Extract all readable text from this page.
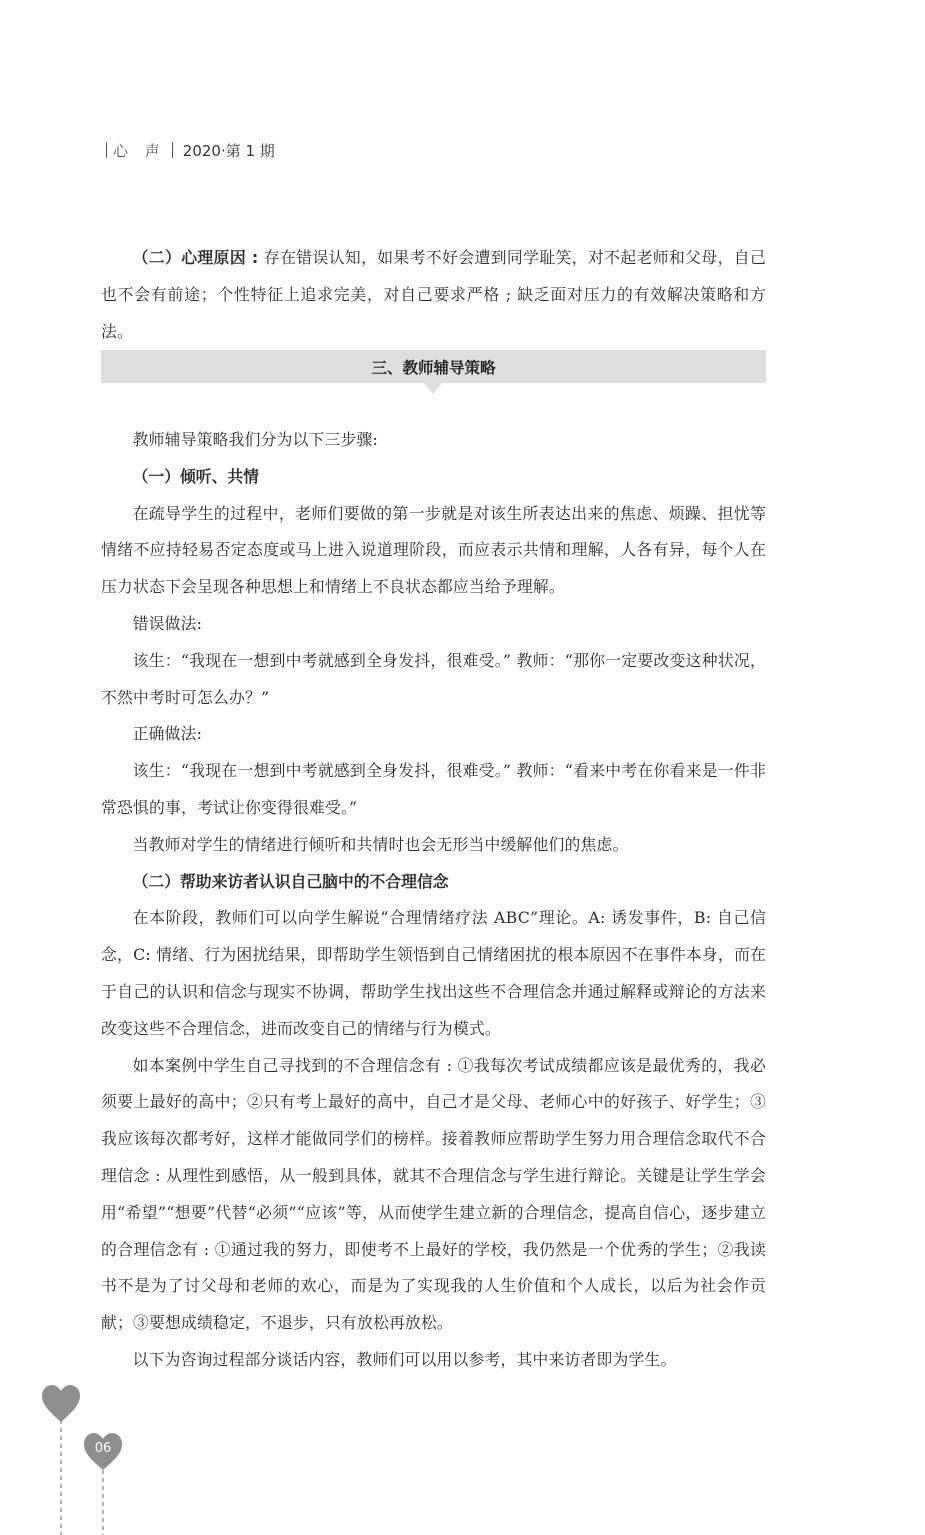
心 声 2020·第 1 期

（二）心理原因 : 存在错误认知，如果考不好会遭到同学耻笑，对不起老师和父母，自己也不会有前途；个性特征上追求完美，对自己要求严格 ; 缺乏面对压力的有效解决策略和方法。

三、教师辅导策略

教师辅导策略我们分为以下三步骤:

（一）倾听、共情

在疏导学生的过程中，老师们要做的第一步就是对该生所表达出来的焦虑、烦躁、担忧等情绪不应持轻易否定态度或马上进入说道理阶段，而应表示共情和理解，人各有异，每个人在压力状态下会呈现各种思想上和情绪上不良状态都应当给予理解。

错误做法:

该生：“我现在一想到中考就感到全身发抖，很难受。” 教师：“那你一定要改变这种状况，不然中考时可怎么办？”

正确做法:

该生：“我现在一想到中考就感到全身发抖，很难受。” 教师：“看来中考在你看来是一件非常恐惧的事，考试让你变得很难受。”

当教师对学生的情绪进行倾听和共情时也会无形当中缓解他们的焦虑。

（二）帮助来访者认识自己脑中的不合理信念

在本阶段，教师们可以向学生解说“合理情绪疗法 ABC”理论。A: 诱发事件，B: 自己信念，C: 情绪、行为困扰结果，即帮助学生领悟到自己情绪困扰的根本原因不在事件本身，而在于自己的认识和信念与现实不协调，帮助学生找出这些不合理信念并通过解释或辩论的方法来改变这些不合理信念，进而改变自己的情绪与行为模式。

如本案例中学生自己寻找到的不合理信念有 : ①我每次考试成绩都应该是最优秀的，我必须要上最好的高中；②只有考上最好的高中，自己才是父母、老师心中的好孩子、好学生；③我应该每次都考好，这样才能做同学们的榜样。接着教师应帮助学生努力用合理信念取代不合理信念 : 从理性到感悟，从一般到具体，就其不合理信念与学生进行辩论。关键是让学生学会用“希望”“想要”代替“必须”“应该”等，从而使学生建立新的合理信念，提高自信心，逐步建立的合理信念有 : ①通过我的努力，即使考不上最好的学校，我仍然是一个优秀的学生；②我读书不是为了讨父母和老师的欢心，而是为了实现我的人生价值和个人成长，以后为社会作贡献；③要想成绩稳定，不退步，只有放松再放松。

以下为咨询过程部分谈话内容，教师们可以用以参考，其中来访者即为学生。

06
